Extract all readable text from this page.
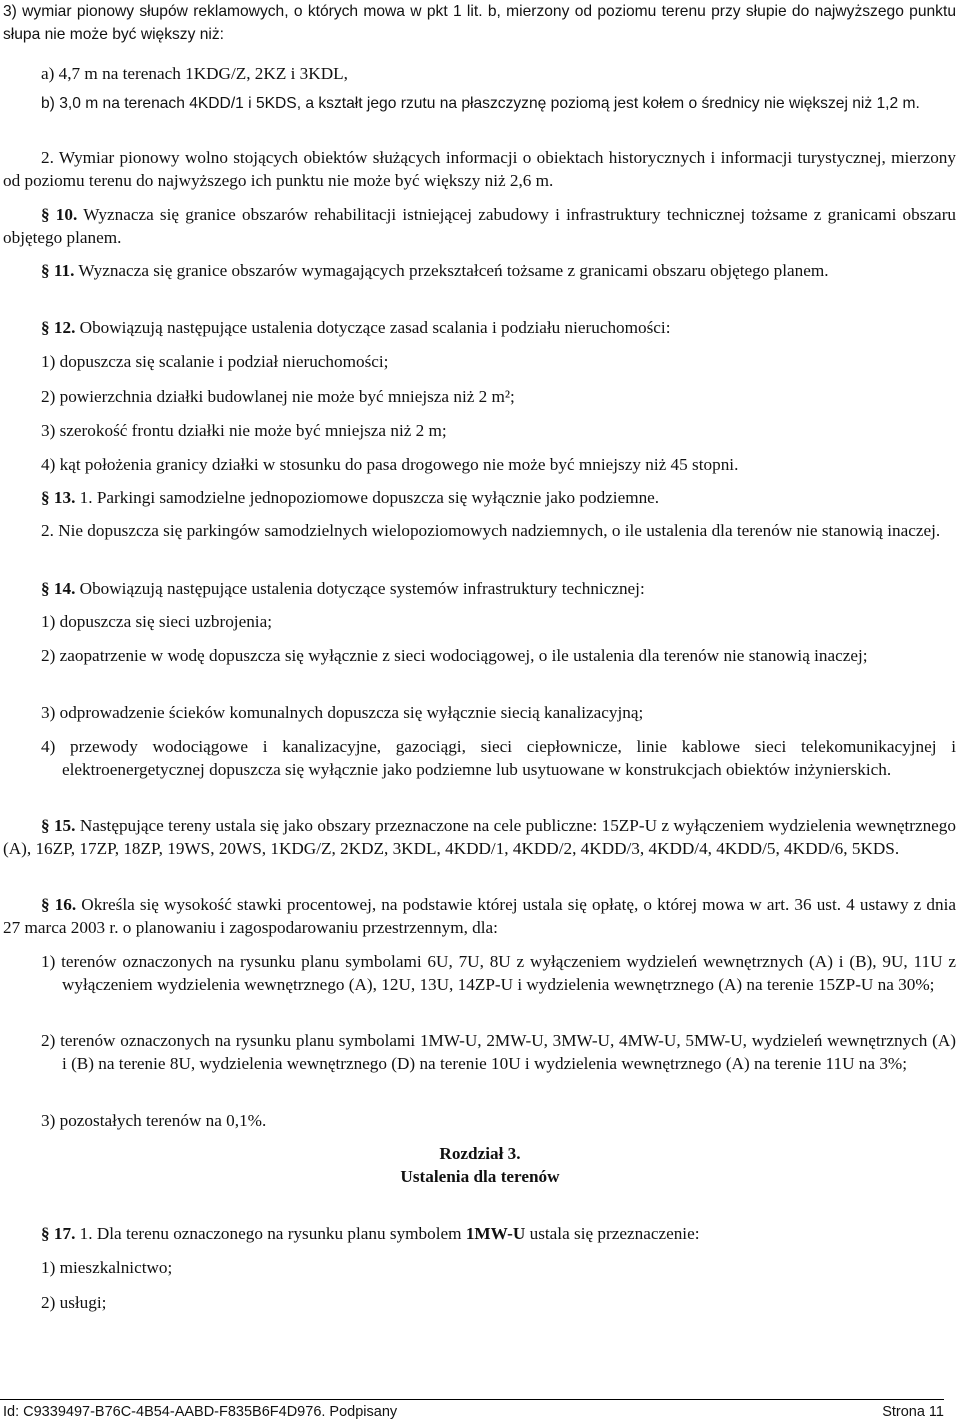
3) wymiar pionowy słupów reklamowych, o których mowa w pkt 1 lit. b, mierzony od poziomu terenu przy słupie do najwyższego punktu słupa nie może być większy niż:

a) 4,7 m na terenach 1KDG/Z, 2KZ i 3KDL,

b) 3,0 m na terenach 4KDD/1 i 5KDS, a kształt jego rzutu na płaszczyznę poziomą jest kołem o średnicy nie większej niż 1,2 m.

2. Wymiar pionowy wolno stojących obiektów służących informacji o obiektach historycznych i informacji turystycznej, mierzony od poziomu terenu do najwyższego ich punktu nie może być większy niż 2,6 m.

§ 10. Wyznacza się granice obszarów rehabilitacji istniejącej zabudowy i infrastruktury technicznej tożsame z granicami obszaru objętego planem.

§ 11. Wyznacza się granice obszarów wymagających przekształceń tożsame z granicami obszaru objętego planem.

§ 12. Obowiązują następujące ustalenia dotyczące zasad scalania i podziału nieruchomości:

1) dopuszcza się scalanie i podział nieruchomości;

2) powierzchnia działki budowlanej nie może być mniejsza niż 2 m²;

3) szerokość frontu działki nie może być mniejsza niż 2 m;

4) kąt położenia granicy działki w stosunku do pasa drogowego nie może być mniejszy niż 45 stopni.

§ 13. 1. Parkingi samodzielne jednopoziomowe dopuszcza się wyłącznie jako podziemne.

2. Nie dopuszcza się parkingów samodzielnych wielopoziomowych nadziemnych, o ile ustalenia dla terenów nie stanowią inaczej.

§ 14. Obowiązują następujące ustalenia dotyczące systemów infrastruktury technicznej:

1) dopuszcza się sieci uzbrojenia;

2) zaopatrzenie w wodę dopuszcza się wyłącznie z sieci wodociągowej, o ile ustalenia dla terenów nie stanowią inaczej;

3) odprowadzenie ścieków komunalnych dopuszcza się wyłącznie siecią kanalizacyjną;

4) przewody wodociągowe i kanalizacyjne, gazociągi, sieci ciepłownicze, linie kablowe sieci telekomunikacyjnej i elektroenergetycznej dopuszcza się wyłącznie jako podziemne lub usytuowane w konstrukcjach obiektów inżynierskich.

§ 15. Następujące tereny ustala się jako obszary przeznaczone na cele publiczne: 15ZP-U z wyłączeniem wydzielenia wewnętrznego (A), 16ZP, 17ZP, 18ZP, 19WS, 20WS, 1KDG/Z, 2KDZ, 3KDL, 4KDD/1, 4KDD/2, 4KDD/3, 4KDD/4, 4KDD/5, 4KDD/6, 5KDS.

§ 16. Określa się wysokość stawki procentowej, na podstawie której ustala się opłatę, o której mowa w art. 36 ust. 4 ustawy z dnia 27 marca 2003 r. o planowaniu i zagospodarowaniu przestrzennym, dla:

1) terenów oznaczonych na rysunku planu symbolami 6U, 7U, 8U z wyłączeniem wydzieleń wewnętrznych (A) i (B), 9U, 11U z wyłączeniem wydzielenia wewnętrznego (A), 12U, 13U, 14ZP-U i wydzielenia wewnętrznego (A) na terenie 15ZP-U na 30%;

2) terenów oznaczonych na rysunku planu symbolami 1MW-U, 2MW-U, 3MW-U, 4MW-U, 5MW-U, wydzieleń wewnętrznych (A) i (B) na terenie 8U, wydzielenia wewnętrznego (D) na terenie 10U i wydzielenia wewnętrznego (A) na terenie 11U na 3%;

3) pozostałych terenów na 0,1%.

Rozdział 3.

Ustalenia dla terenów

§ 17. 1. Dla terenu oznaczonego na rysunku planu symbolem 1MW-U ustala się przeznaczenie:

1) mieszkalnictwo;

2) usługi;

Id: C9339497-B76C-4B54-AABD-F835B6F4D976. Podpisany	Strona 11
